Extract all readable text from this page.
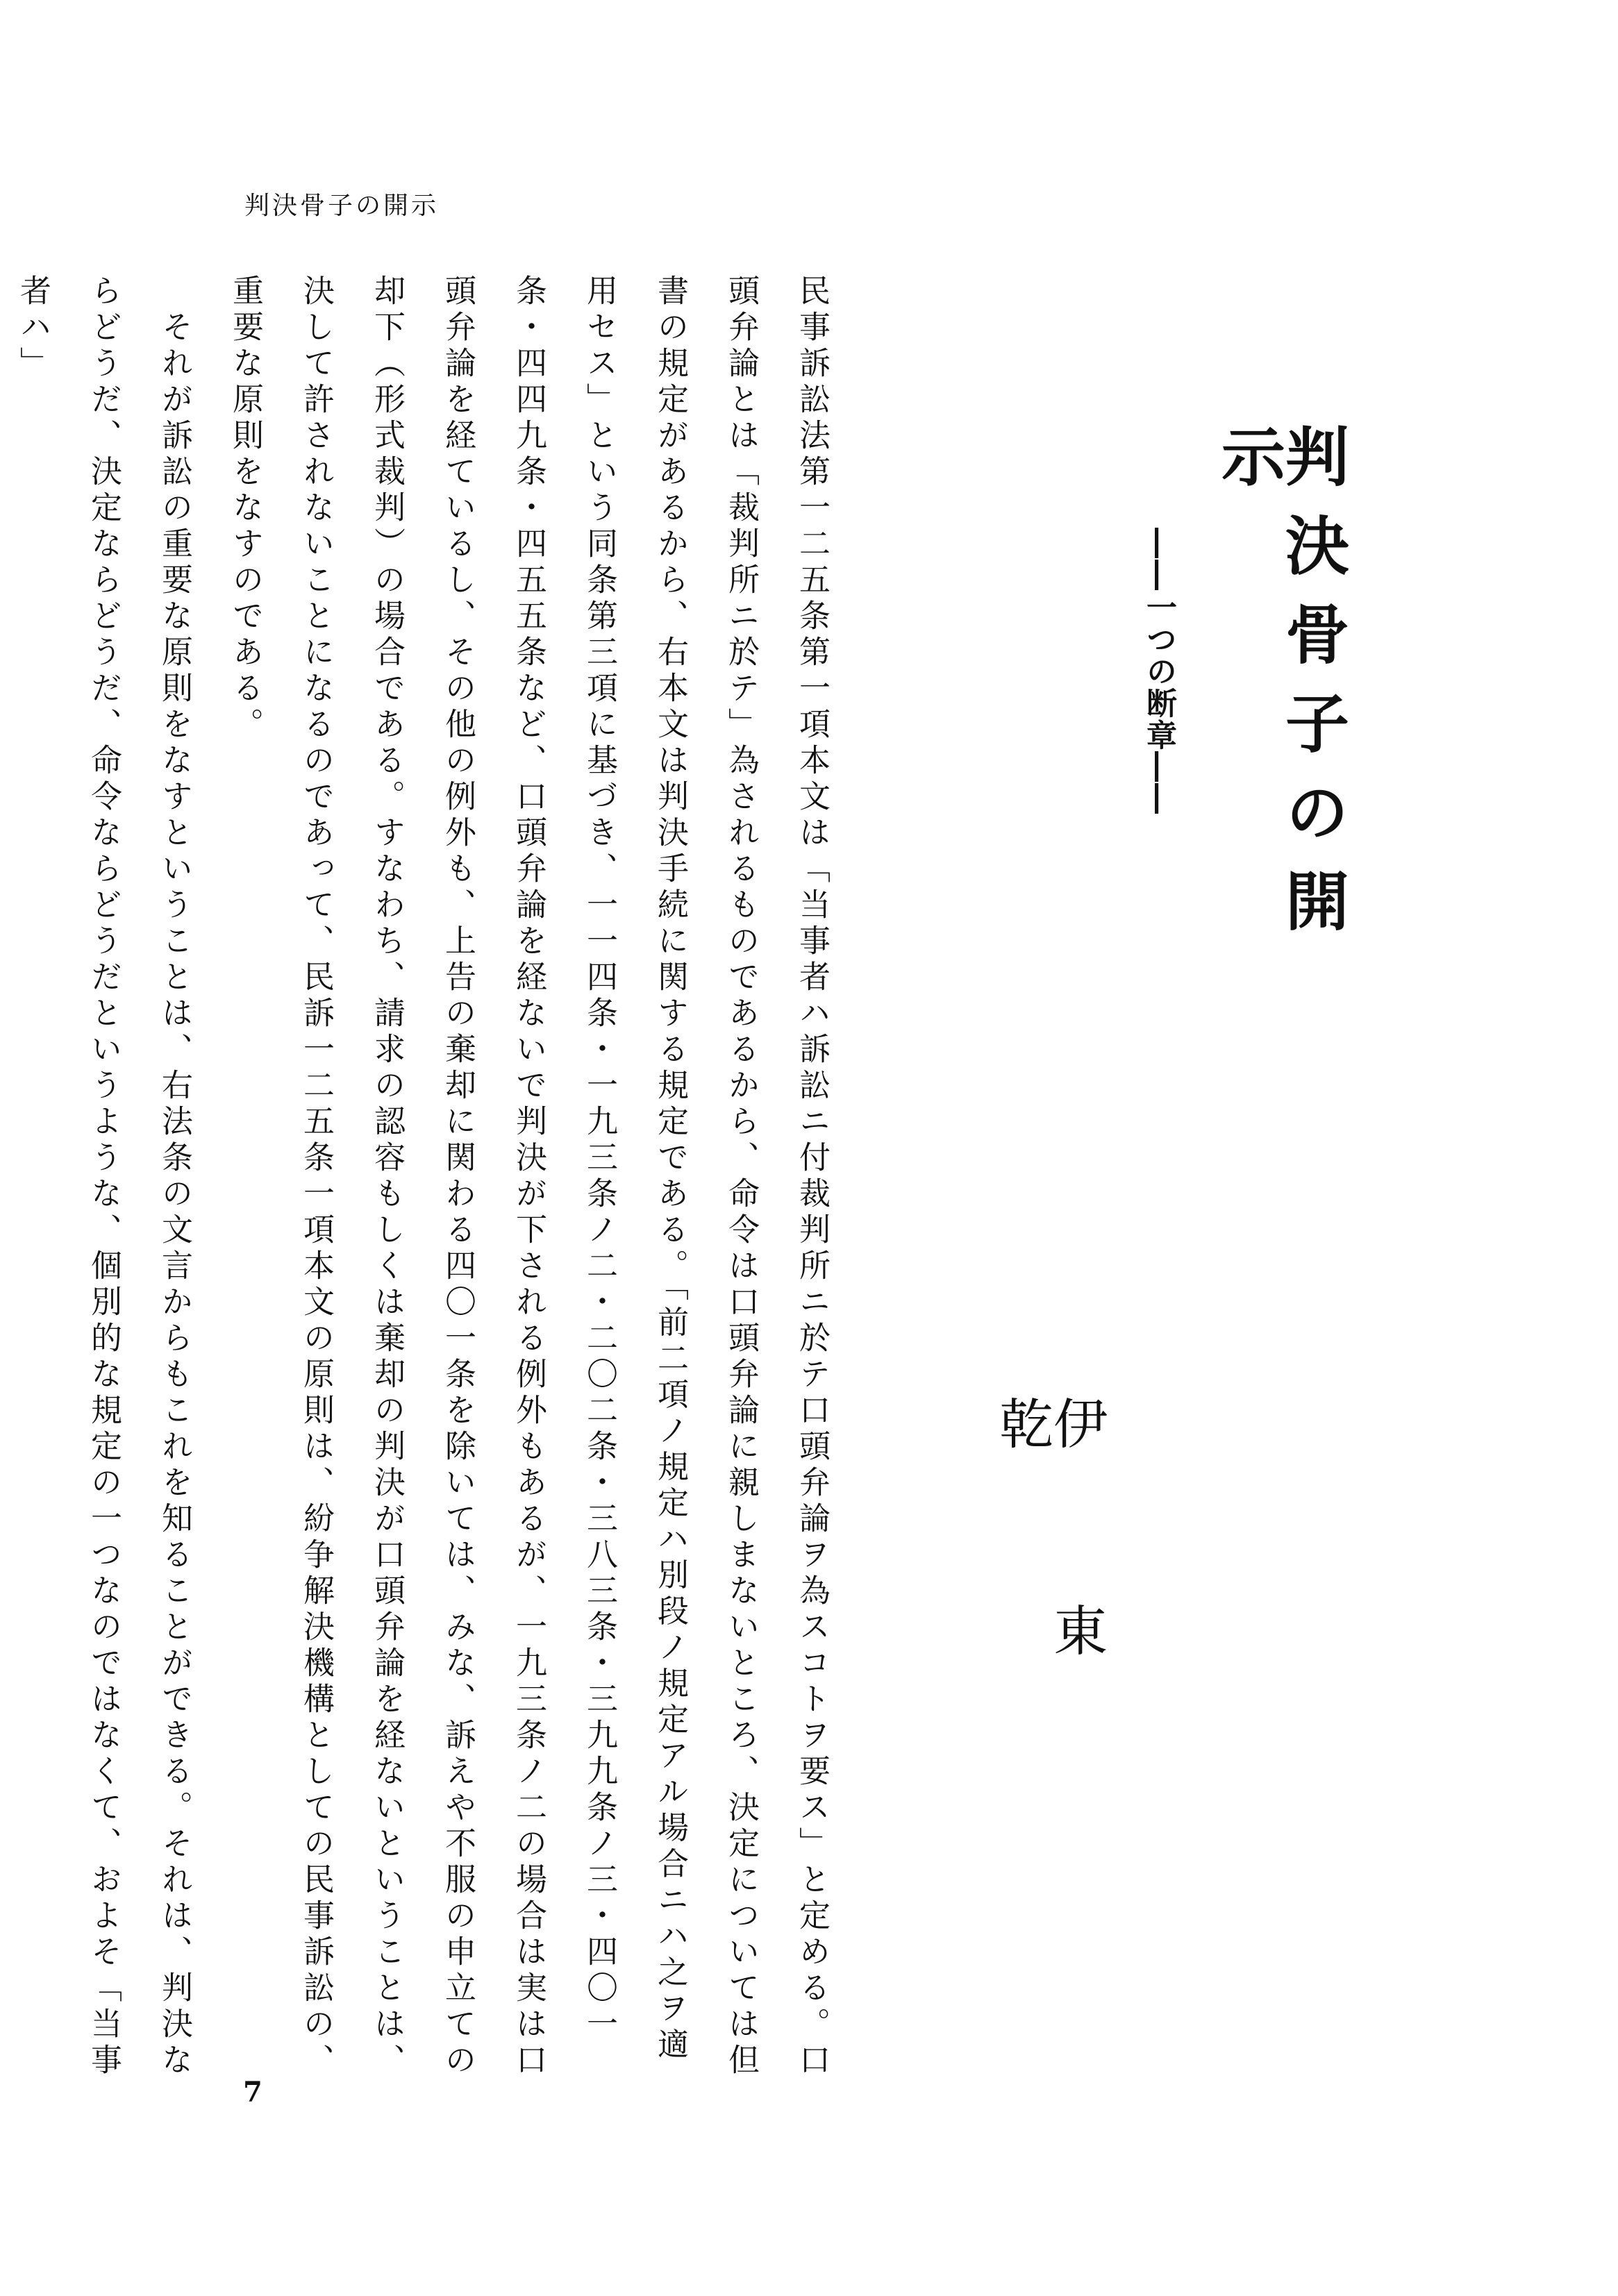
判決骨子の開示
判決骨子の開示
――一つの断章――
伊東乾

民事訴訟法第一二五条第一項本文は「当事者ハ訴訟ニ付裁判所ニ於テ口頭弁論ヲ為スコトヲ要ス」と定める。口頭弁論とは「裁判所ニ於テ」為されるものであるから、命令は口頭弁論に親しまないところ、決定については但書の規定があるから、右本文は判決手続に関する規定である。「前二項ノ規定ハ別段ノ規定アル場合ニハ之ヲ適用セス」という同条第三項に基づき、一一四条・一九三条ノ二・二〇二条・三八三条・三九九条ノ三・四〇一条・四四九条・四五五条など、口頭弁論を経ないで判決が下される例外もあるが、一九三条ノ二の場合は実は口頭弁論を経ているし、その他の例外も、上告の棄却に関わる四〇一条を除いては、みな、訴えや不服の申立ての却下（形式裁判）の場合である。すなわち、請求の認容もしくは棄却の判決が口頭弁論を経ないということは、決して許されないことになるのであって、民訴一二五条一項本文の原則は、紛争解決機構としての民事訴訟の、重要な原則をなすのである。

　それが訴訟の重要な原則をなすということは、右法条の文言からもこれを知ることができる。それは、判決ならどうだ、決定ならどうだ、命令ならどうだというような、個別的な規定の一つなのではなくて、およそ「当事者ハ」

7
